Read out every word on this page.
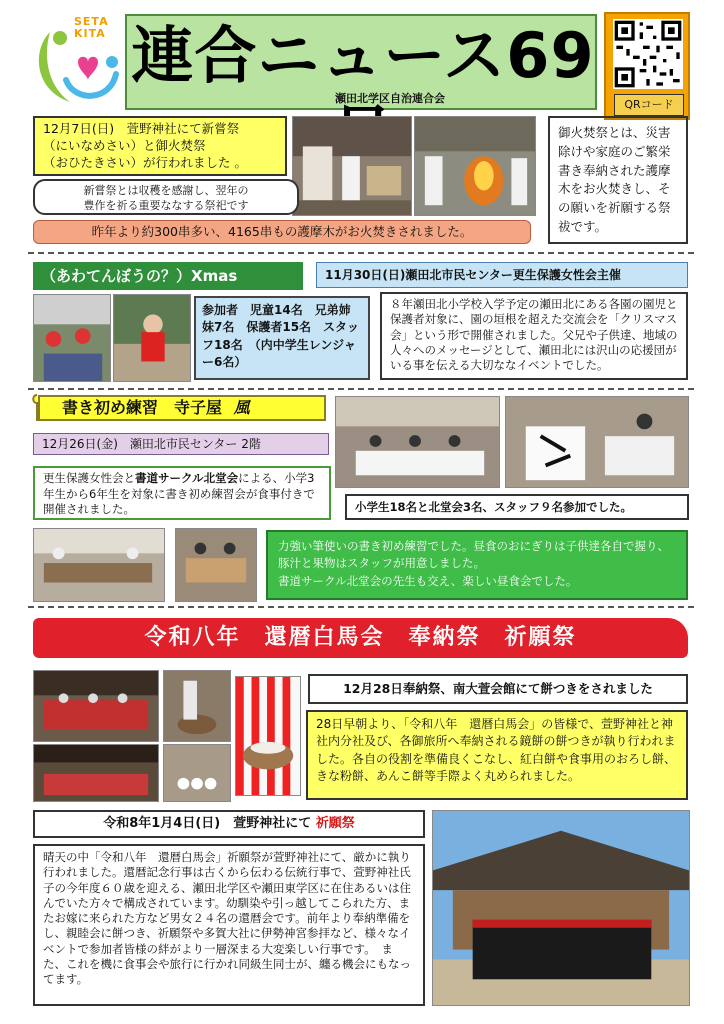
SETA
KITA 連合ニュース69
瀬田北学区自治連合会	QRコード
12月7日(日)　萱野神社にて新嘗祭
（にいなめさい）と御火焚祭
（おひたきさい）が行われました 。
新嘗祭とは収穫を感謝し、翌年の
豊作を祈る重要ななする祭祀です
昨年より約300串多い、4165串もの護摩木がお火焚きされました。
御火焚祭とは、災害除けや家庭のご繁栄書き奉納された護摩木をお火焚きし、その願いを祈願する祭祓です。
（あわてんぼうの？）Xmas	11月30日(日)瀬田北市民センター更生保護女性会主催
参加者　児童14名　兄弟姉妹7名　保護者15名　スタッフ18名　（内中学生レンジャー6名）
８年瀬田北小学校入学予定の瀬田北にある各園の園児と保護者対象に、園の垣根を超えた交流会を「クリスマス会」という形で開催されました。父兄や子供達、地域の人々へのメッセージとして、瀬田北には沢山の応援団がいる事を伝える大切ななイベントでした。
書き初め練習　寺子屋 風
12月26日(金)　瀬田北市民センター 2階
更生保護女性会と書道サークル北堂会による、小学3年生から6年生を対象に書き初め練習会が食事付きで開催されました。	小学生18名と北堂会3名、スタッフ９名参加でした。
力強い筆使いの書き初め練習でした。昼食のおにぎりは子供達各自で握り、豚汁と果物はスタッフが用意しました。
書道サークル北堂会の先生も交え、楽しい昼食会でした。
令和八年　還暦白馬会　奉納祭　祈願祭
12月28日奉納祭、南大萱会館にて餅つきをされました
28日早朝より、「令和八年　還暦白馬会」の皆様で、萱野神社と神社内分社及び、各御旅所へ奉納される鏡餅の餅つきが執り行われました。各自の役割を準備良くこなし、紅白餅や食事用のおろし餅、きな粉餅、あんこ餅等手際よく丸められました。
令和8年1月4日(日)　萱野神社にて 祈願祭
晴天の中「令和八年　還暦白馬会」祈願祭が萱野神社にて、厳かに執り行われました。還暦記念行事は古くから伝わる伝統行事で、萱野神社氏子の今年度６０歳を迎える、瀬田北学区や瀬田東学区に在住あるいは住んでいた方々で構成されています。幼馴染や引っ越してこられた方、またお嫁に来られた方など男女２４名の還暦会です。前年より奉納準備をし、親睦会に餅つき、祈願祭や多賀大社に伊勢神宮参拝など、様々なイベントで参加者皆様の絆がより一層深まる大変楽しい行事です。　また、これを機に食事会や旅行に行かれ同級生同士が、纏る機会にもなってます。
